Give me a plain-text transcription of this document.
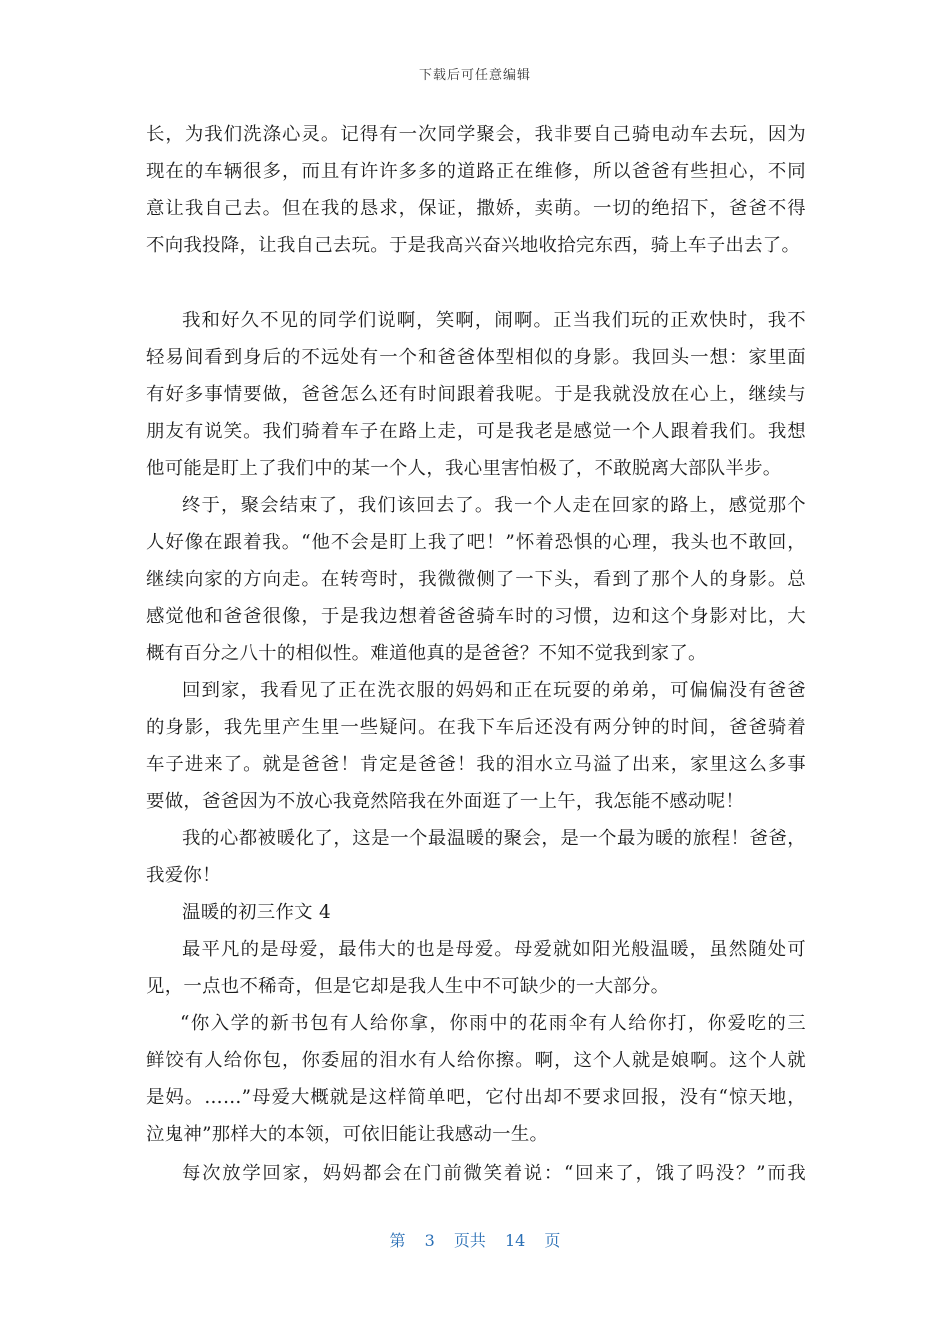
下载后可任意编辑
长，为我们洗涤心灵。记得有一次同学聚会，我非要自己骑电动车去玩，因为
现在的车辆很多，而且有许许多多的道路正在维修，所以爸爸有些担心，不同
意让我自己去。但在我的恳求，保证，撒娇，卖萌。一切的绝招下，爸爸不得
不向我投降，让我自己去玩。于是我高兴奋兴地收拾完东西，骑上车子出去了。
我和好久不见的同学们说啊，笑啊，闹啊。正当我们玩的正欢快时，我不
轻易间看到身后的不远处有一个和爸爸体型相似的身影。我回头一想：家里面
有好多事情要做，爸爸怎么还有时间跟着我呢。于是我就没放在心上，继续与
朋友有说笑。我们骑着车子在路上走，可是我老是感觉一个人跟着我们。我想
他可能是盯上了我们中的某一个人，我心里害怕极了，不敢脱离大部队半步。
终于，聚会结束了，我们该回去了。我一个人走在回家的路上，感觉那个
人好像在跟着我。“他不会是盯上我了吧！”怀着恐惧的心理，我头也不敢回，
继续向家的方向走。在转弯时，我微微侧了一下头，看到了那个人的身影。总
感觉他和爸爸很像，于是我边想着爸爸骑车时的习惯，边和这个身影对比，大
概有百分之八十的相似性。难道他真的是爸爸？不知不觉我到家了。
回到家，我看见了正在洗衣服的妈妈和正在玩耍的弟弟，可偏偏没有爸爸
的身影，我先里产生里一些疑问。在我下车后还没有两分钟的时间，爸爸骑着
车子进来了。就是爸爸！肯定是爸爸！我的泪水立马溢了出来，家里这么多事
要做，爸爸因为不放心我竟然陪我在外面逛了一上午，我怎能不感动呢！
我的心都被暖化了，这是一个最温暖的聚会，是一个最为暖的旅程！爸爸，
我爱你！
温暖的初三作文 4
最平凡的是母爱，最伟大的也是母爱。母爱就如阳光般温暖，虽然随处可
见，一点也不稀奇，但是它却是我人生中不可缺少的一大部分。
“你入学的新书包有人给你拿，你雨中的花雨伞有人给你打，你爱吃的三
鲜饺有人给你包，你委屈的泪水有人给你擦。啊，这个人就是娘啊。这个人就
是妈。……”母爱大概就是这样简单吧，它付出却不要求回报，没有“惊天地，
泣鬼神”那样大的本领，可依旧能让我感动一生。
每次放学回家，妈妈都会在门前微笑着说：“回来了，饿了吗没？”而我
第 3 页共 14 页
